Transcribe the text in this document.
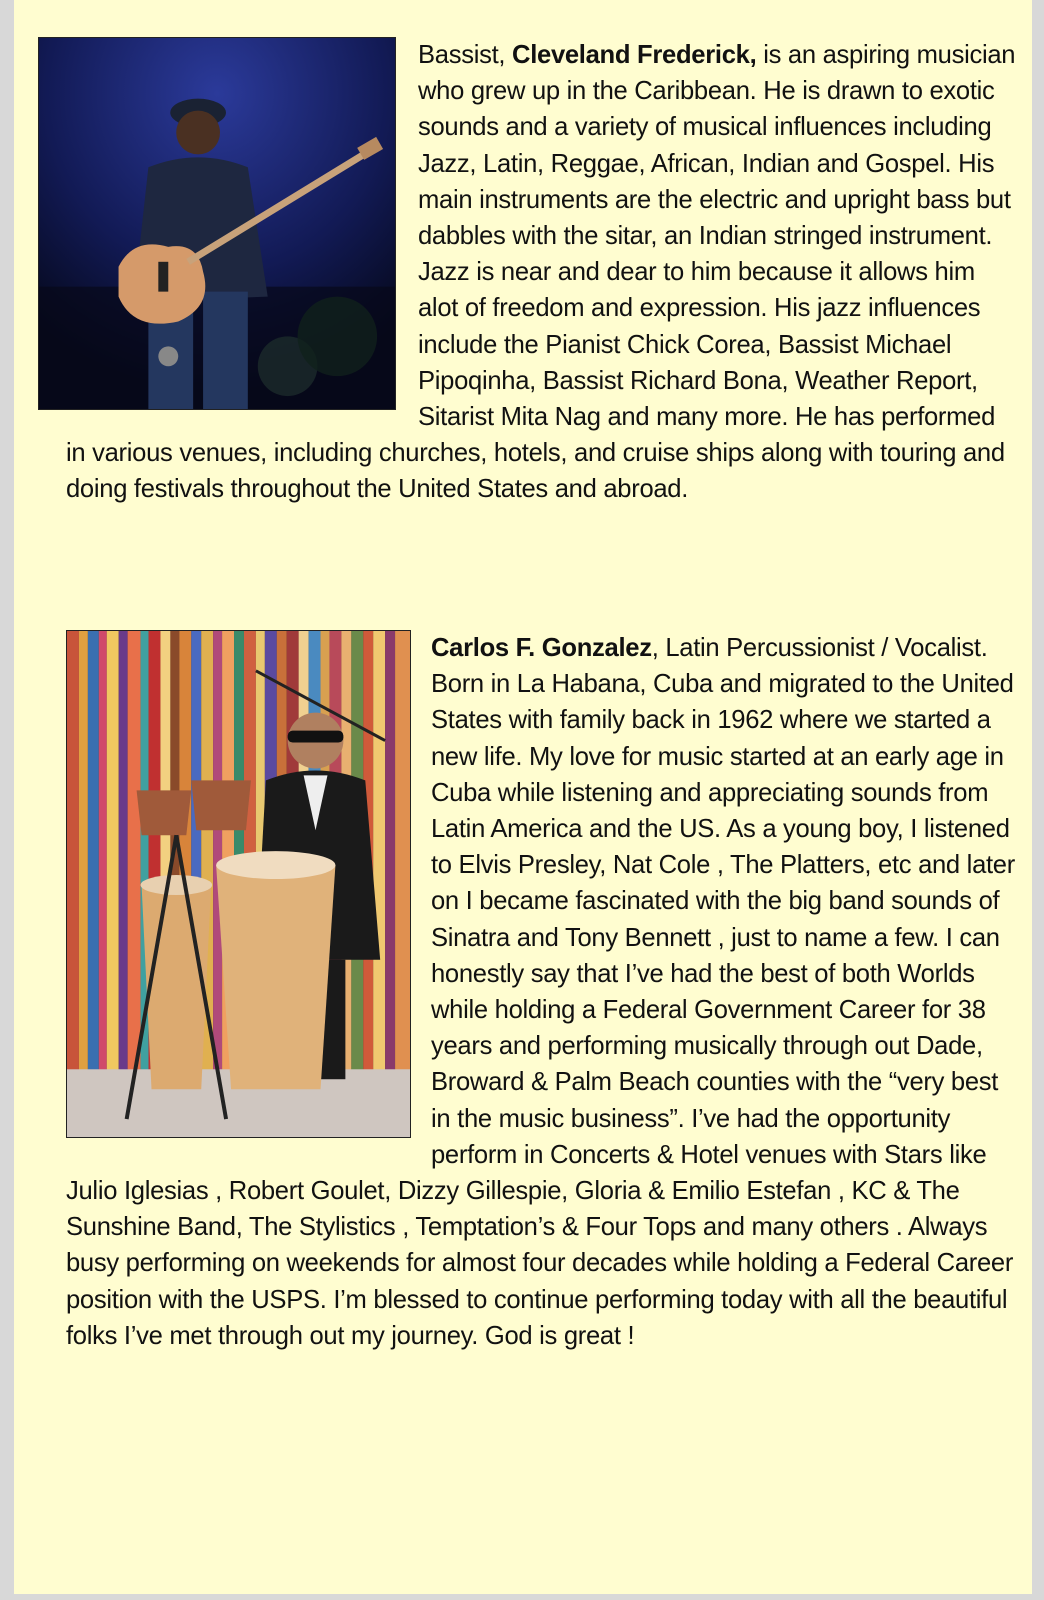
Bassist, Cleveland Frederick, is an aspiring musician who grew up in the Caribbean. He is drawn to exotic sounds and a variety of musical influences including Jazz, Latin, Reggae, African, Indian and Gospel. His main instruments are the electric and upright bass but dabbles with the sitar, an Indian stringed instrument.

Jazz is near and dear to him because it allows him alot of freedom and expression. His jazz influences include the Pianist Chick Corea, Bassist Michael Pipoqinha, Bassist Richard Bona, Weather Report, Sitarist Mita Nag and many more. He has performed in various venues, including churches, hotels, and cruise ships along with touring and doing festivals throughout the United States and abroad.

Carlos F. Gonzalez, Latin Percussionist / Vocalist. Born in La Habana, Cuba and migrated to the United States with family back in 1962 where we started a new life. My love for music started at an early age in Cuba while listening and appreciating sounds from Latin America and the US. As a young boy, I listened to Elvis Presley, Nat Cole , The Platters, etc and later on I became fascinated with the big band sounds of Sinatra and Tony Bennett , just to name a few. I can honestly say that I’ve had the best of both Worlds while holding a Federal Government Career for 38 years and performing musically through out Dade, Broward & Palm Beach counties with the “very best in the music business”. I’ve had the opportunity perform in Concerts & Hotel venues with Stars like Julio Iglesias , Robert Goulet, Dizzy Gillespie, Gloria & Emilio Estefan , KC & The Sunshine Band, The Stylistics , Temptation’s & Four Tops and many others . Always busy performing on weekends for almost four decades while holding a Federal Career position with the USPS. I’m blessed to continue performing today with all the beautiful folks I’ve met through out my journey. God is great !
